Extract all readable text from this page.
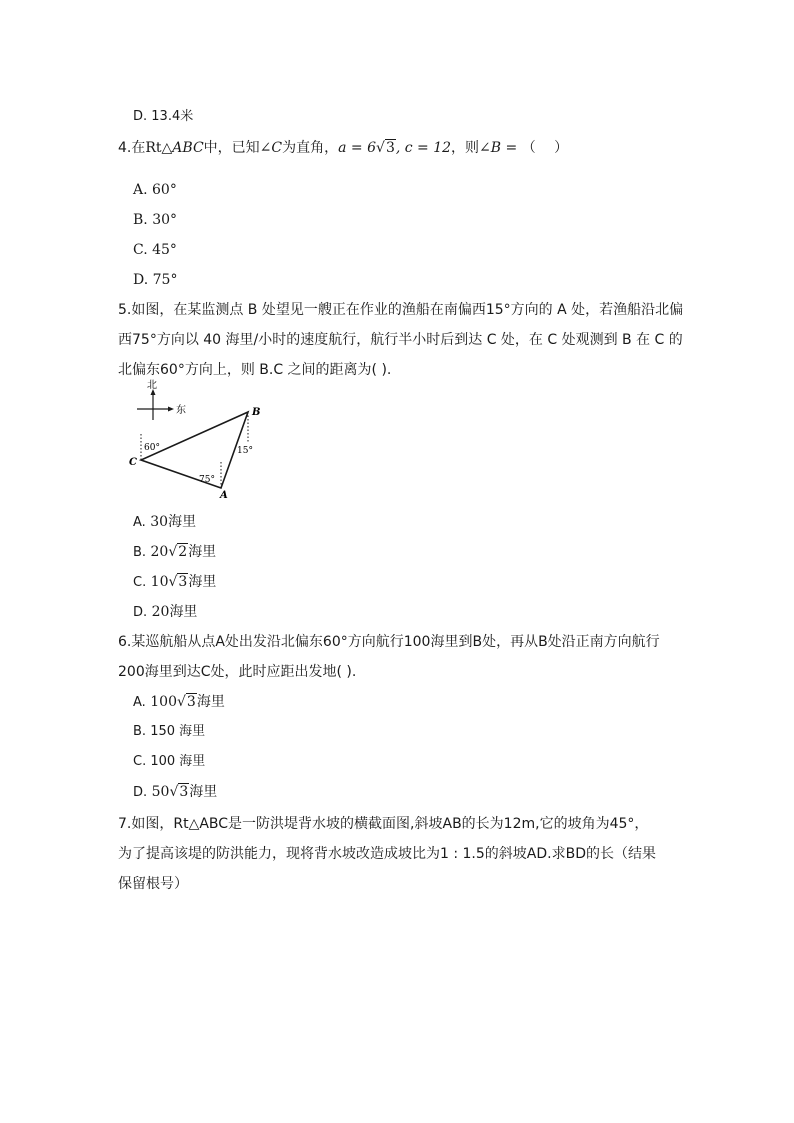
D. 13.4米
4.在Rt△ABC中，已知∠C为直角，a = 6√3, c = 12，则∠B = （　 ）
A. 60°
B. 30°
C. 45°
D. 75°
5.如图，在某监测点 B 处望见一艘正在作业的渔船在南偏西15°方向的 A 处，若渔船沿北偏
西75°方向以 40 海里/小时的速度航行，航行半小时后到达 C 处，在 C 处观测到 B 在 C 的
北偏东60°方向上，则 B.C 之间的距离为( ).
北
东	B
C
A
60°	15°
75°
A. 30海里
B. 20√2海里
C. 10√3海里
D. 20海里
6.某巡航船从点A处出发沿北偏东60°方向航行100海里到B处，再从B处沿正南方向航行
200海里到达C处，此时应距出发地( ).
A. 100√3海里
B. 150 海里
C. 100 海里
D. 50√3海里
7.如图，Rt△ABC是一防洪堤背水坡的横截面图,斜坡AB的长为12m,它的坡角为45°，
为了提高该堤的防洪能力，现将背水坡改造成坡比为1 : 1.5的斜坡AD.求BD的长（结果
保留根号）
